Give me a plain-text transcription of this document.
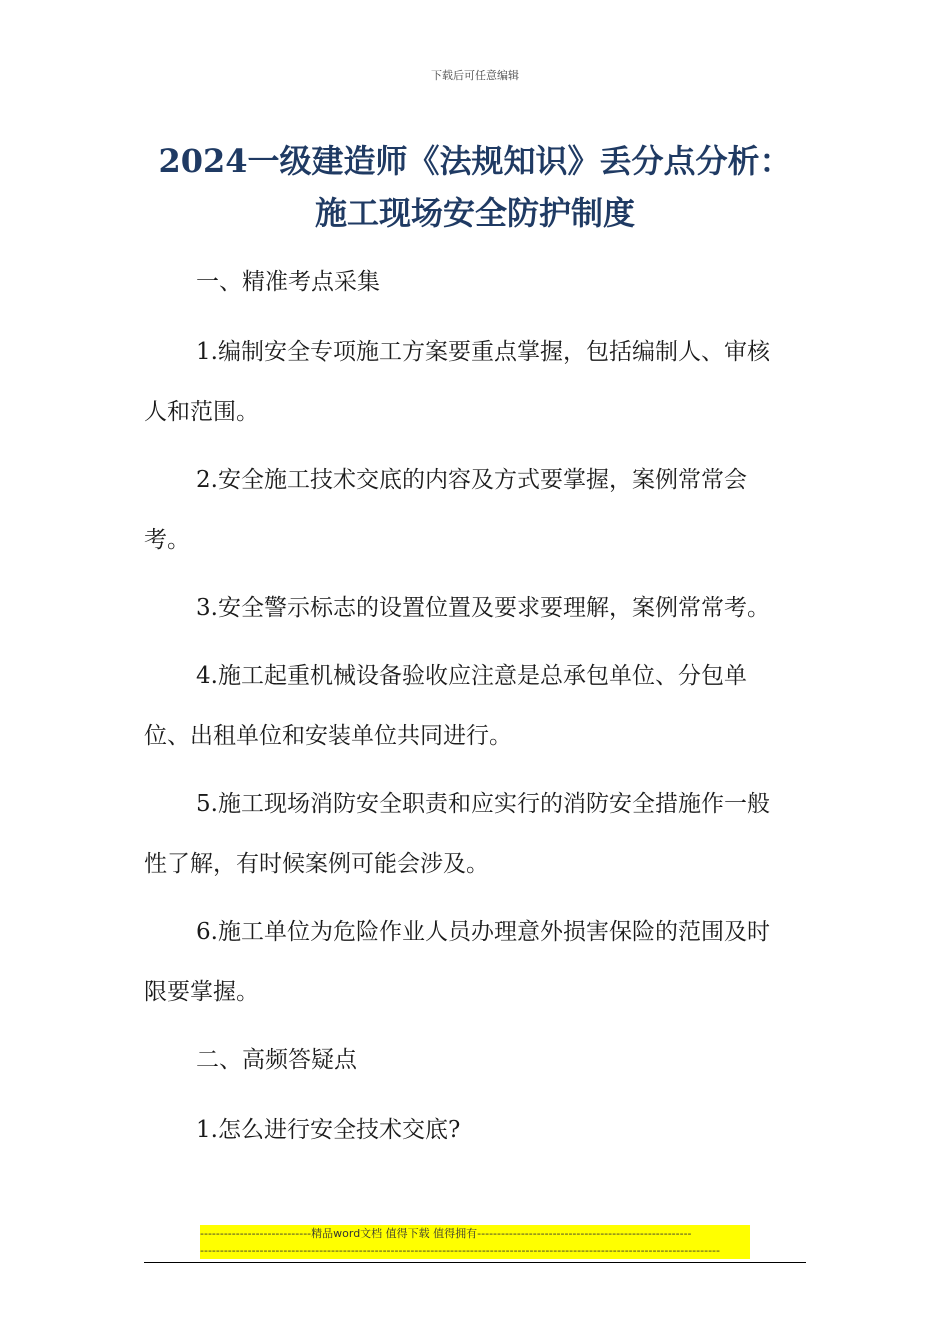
下载后可任意编辑
2024一级建造师《法规知识》丢分点分析：
施工现场安全防护制度

一、精准考点采集

1.编制安全专项施工方案要重点掌握，包括编制人、审核人和范围。

2.安全施工技术交底的内容及方式要掌握，案例常常会考。

3.安全警示标志的设置位置及要求要理解，案例常常考。

4.施工起重机械设备验收应注意是总承包单位、分包单位、出租单位和安装单位共同进行。

5.施工现场消防安全职责和应实行的消防安全措施作一般性了解，有时候案例可能会涉及。

6.施工单位为危险作业人员办理意外损害保险的范围及时限要掌握。

二、高频答疑点

1.怎么进行安全技术交底?

----------------------------精品word文档 值得下载 值得拥有------------------------------------------------------
-----------------------------------------------------------------------------------------------------------------------------------
